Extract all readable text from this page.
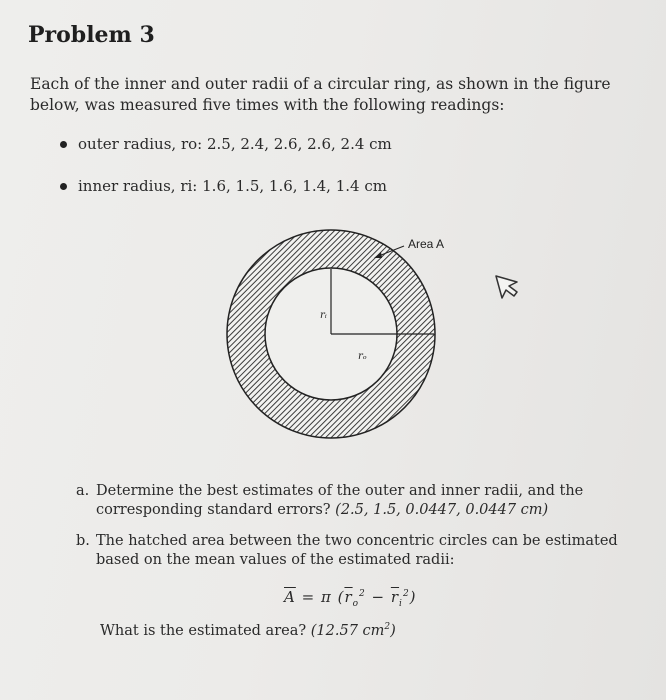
Problem 3
Each of the inner and outer radii of a circular ring, as shown in the figure below, was measured five times with the following readings:
outer radius, ro: 2.5, 2.4, 2.6, 2.6, 2.4 cm
inner radius, ri: 1.6, 1.5, 1.6, 1.4, 1.4 cm
Area A
rᵢ
rₒ
a. Determine the best estimates of the outer and inner radii, and the
corresponding standard errors? (2.5, 1.5, 0.0447, 0.0447 cm)
b. The hatched area between the two concentric circles can be estimated
based on the mean values of the estimated radii:
$\overline{A} = \pi$ $(\overline{r}_o^2 - \overline{r}_i^2)$
What is the estimated area? (12.57 $cm^2$)
